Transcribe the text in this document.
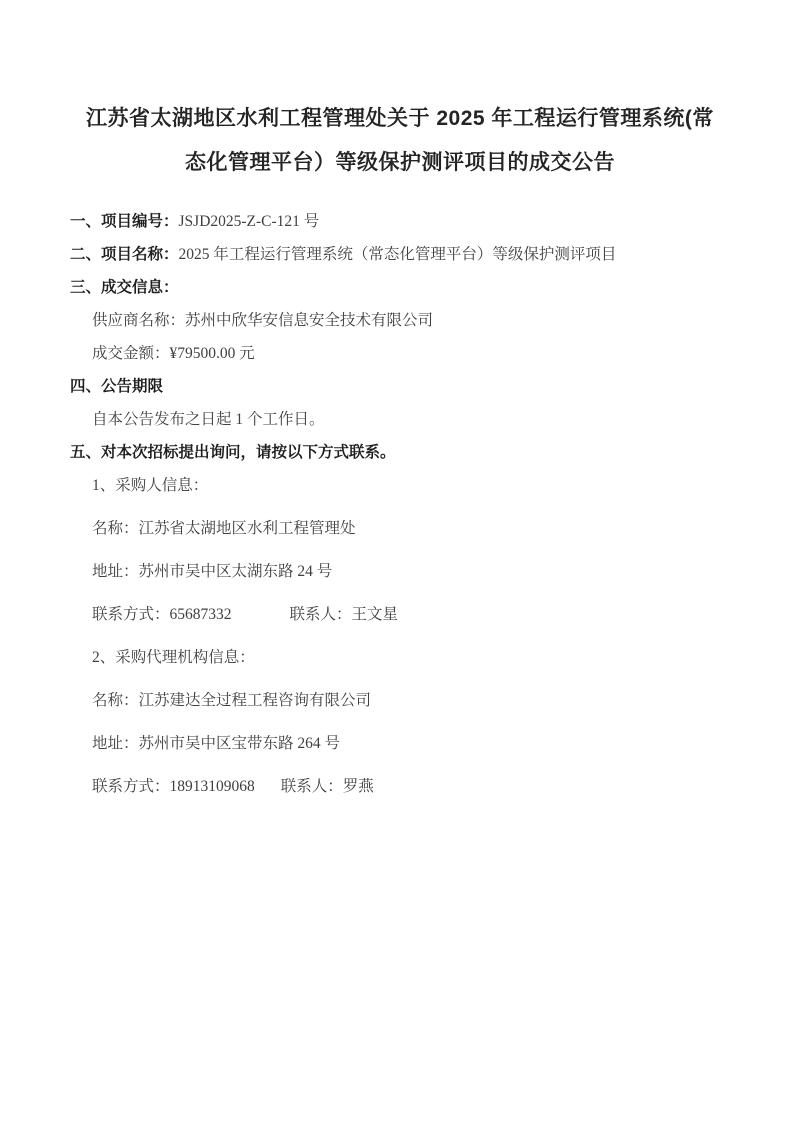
江苏省太湖地区水利工程管理处关于 2025 年工程运行管理系统(常
态化管理平台）等级保护测评项目的成交公告
一、项目编号：JSJD2025-Z-C-121 号
二、项目名称：2025 年工程运行管理系统（常态化管理平台）等级保护测评项目
三、成交信息：
供应商名称：苏州中欣华安信息安全技术有限公司
成交金额：¥79500.00 元
四、公告期限
自本公告发布之日起 1 个工作日。
五、对本次招标提出询问，请按以下方式联系。
1、采购人信息：
名称：江苏省太湖地区水利工程管理处
地址：苏州市吴中区太湖东路 24 号
联系方式：65687332	联系人：王文星
2、采购代理机构信息：
名称：江苏建达全过程工程咨询有限公司
地址：苏州市吴中区宝带东路 264 号
联系方式：18913109068 联系人：罗燕
